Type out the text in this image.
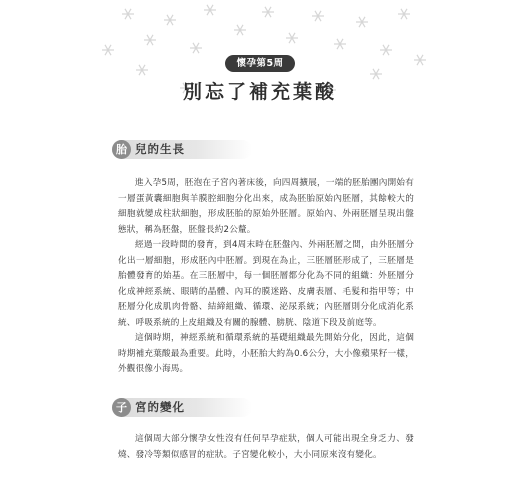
懷孕第5周
別忘了補充葉酸
胎 兒的生長

進入孕5周，胚泡在子宮內著床後，向四周擴展，一端的胚胎團內開始有一層蛋黃囊細胞與羊膜腔細胞分化出來，成為胚胎原始內胚層，其餘較大的細胞就變成柱狀細胞，形成胚胎的原始外胚層。原始內、外兩胚層呈現出盤態狀，稱為胚盤，胚盤長約2公釐。

經過一段時間的發育，到4周末時在胚盤內、外兩胚層之間，由外胚層分化出一層細胞，形成胚內中胚層。到現在為止，三胚層胚形成了，三胚層是胎體發育的始基。在三胚層中，每一個胚層都分化為不同的組織：外胚層分化成神經系統、眼睛的晶體、內耳的膜迷路、皮膚表層、毛髮和指甲等；中胚層分化成肌肉骨骼、結締組織、循環、泌尿系統；內胚層則分化成消化系統、呼吸系統的上皮組織及有關的腺體、膀胱、陰道下段及前庭等。

這個時期，神經系統和循環系統的基礎組織最先開始分化，因此，這個時期補充葉酸最為重要。此時，小胚胎大約為0.6公分，大小像蘋果籽一樣，外觀很像小海馬。

子 宮的變化

這個周大部分懷孕女性沒有任何早孕症狀，個人可能出現全身乏力、發燒、發冷等類似感冒的症狀。子宮變化較小，大小同原來沒有變化。
